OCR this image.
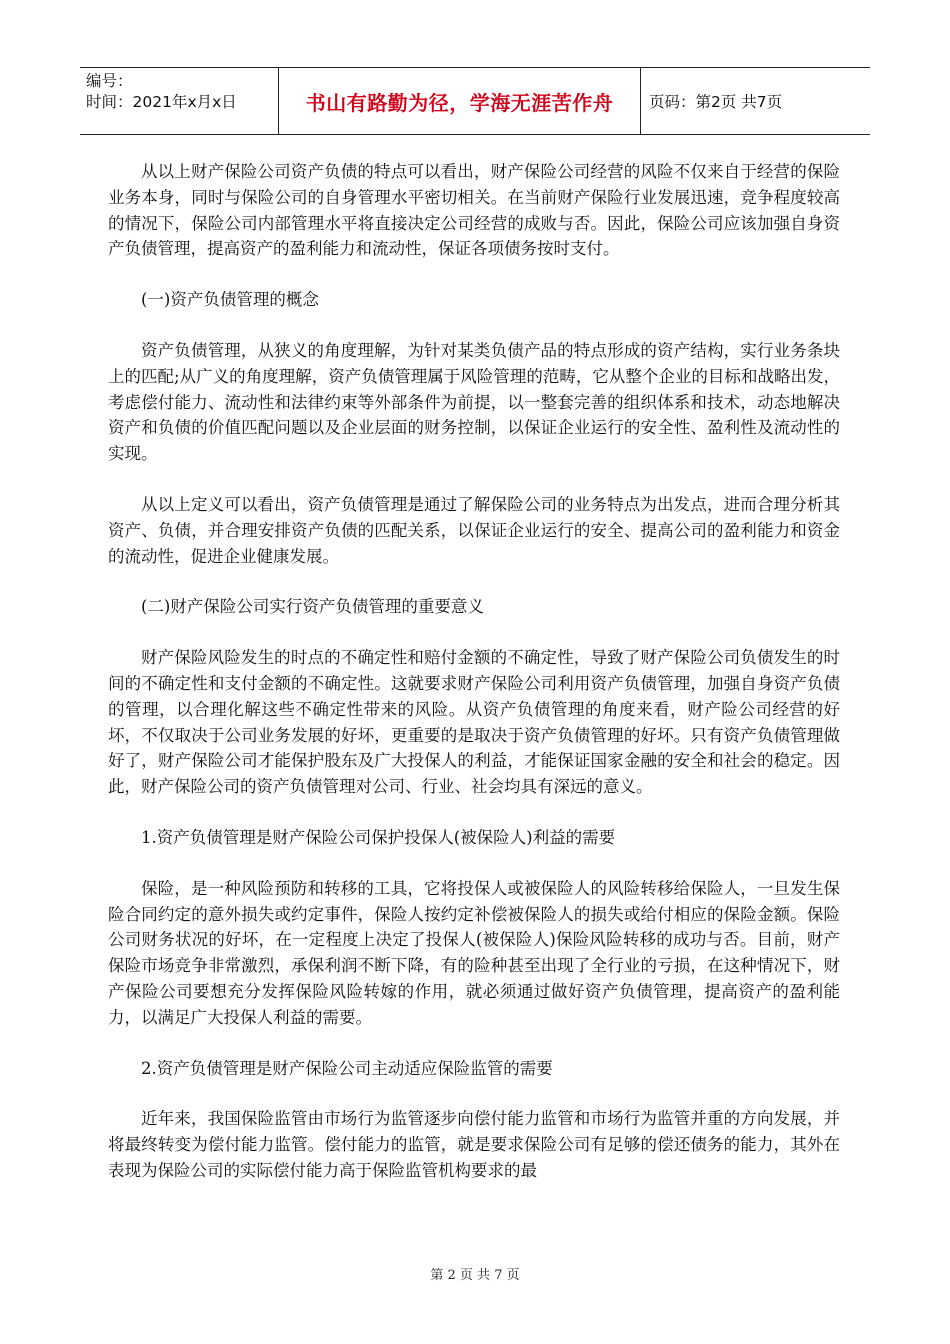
编号：
时间：2021年x月x日	书山有路勤为径，学海无涯苦作舟	页码：第2页 共7页

从以上财产保险公司资产负债的特点可以看出，财产保险公司经营的风险不仅来自于经营的保险业务本身，同时与保险公司的自身管理水平密切相关。在当前财产保险行业发展迅速，竞争程度较高的情况下，保险公司内部管理水平将直接决定公司经营的成败与否。因此，保险公司应该加强自身资产负债管理，提高资产的盈利能力和流动性，保证各项债务按时支付。

(一)资产负债管理的概念

资产负债管理，从狭义的角度理解，为针对某类负债产品的特点形成的资产结构，实行业务条块上的匹配;从广义的角度理解，资产负债管理属于风险管理的范畴，它从整个企业的目标和战略出发，考虑偿付能力、流动性和法律约束等外部条件为前提，以一整套完善的组织体系和技术，动态地解决资产和负债的价值匹配问题以及企业层面的财务控制，以保证企业运行的安全性、盈利性及流动性的实现。

从以上定义可以看出，资产负债管理是通过了解保险公司的业务特点为出发点，进而合理分析其资产、负债，并合理安排资产负债的匹配关系，以保证企业运行的安全、提高公司的盈利能力和资金的流动性，促进企业健康发展。

(二)财产保险公司实行资产负债管理的重要意义

财产保险风险发生的时点的不确定性和赔付金额的不确定性，导致了财产保险公司负债发生的时间的不确定性和支付金额的不确定性。这就要求财产保险公司利用资产负债管理，加强自身资产负债的管理，以合理化解这些不确定性带来的风险。从资产负债管理的角度来看，财产险公司经营的好坏，不仅取决于公司业务发展的好坏，更重要的是取决于资产负债管理的好坏。只有资产负债管理做好了，财产保险公司才能保护股东及广大投保人的利益，才能保证国家金融的安全和社会的稳定。因此，财产保险公司的资产负债管理对公司、行业、社会均具有深远的意义。

1.资产负债管理是财产保险公司保护投保人(被保险人)利益的需要

保险，是一种风险预防和转移的工具，它将投保人或被保险人的风险转移给保险人，一旦发生保险合同约定的意外损失或约定事件，保险人按约定补偿被保险人的损失或给付相应的保险金额。保险公司财务状况的好坏，在一定程度上决定了投保人(被保险人)保险风险转移的成功与否。目前，财产保险市场竞争非常激烈，承保利润不断下降，有的险种甚至出现了全行业的亏损，在这种情况下，财产保险公司要想充分发挥保险风险转嫁的作用，就必须通过做好资产负债管理，提高资产的盈利能力，以满足广大投保人利益的需要。

2.资产负债管理是财产保险公司主动适应保险监管的需要

近年来，我国保险监管由市场行为监管逐步向偿付能力监管和市场行为监管并重的方向发展，并将最终转变为偿付能力监管。偿付能力的监管，就是要求保险公司有足够的偿还债务的能力，其外在表现为保险公司的实际偿付能力高于保险监管机构要求的最

第 2 页 共 7 页
